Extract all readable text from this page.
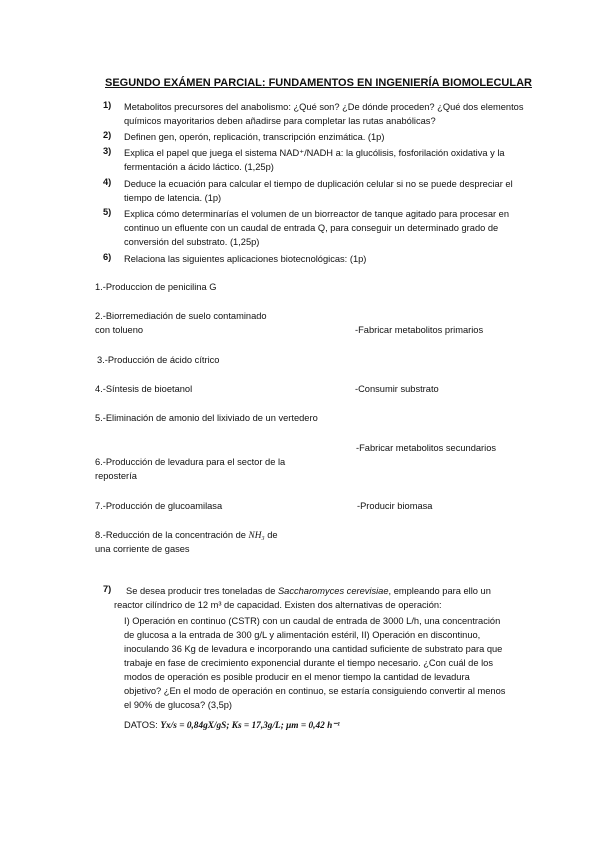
SEGUNDO EXÁMEN PARCIAL: FUNDAMENTOS EN INGENIERÍA BIOMOLECULAR
1) Metabolitos precursores del anabolismo: ¿Qué son? ¿De dónde proceden? ¿Qué dos elementos químicos mayoritarios deben añadirse para completar las rutas anabólicas?
2) Definen gen, operón, replicación, transcripción enzimática. (1p)
3) Explica el papel que juega el sistema NAD⁺/NADH a: la glucólisis, fosforilación oxidativa y la fermentación a ácido láctico. (1,25p)
4) Deduce la ecuación para calcular el tiempo de duplicación celular si no se puede despreciar el tiempo de latencia. (1p)
5) Explica cómo determinarías el volumen de un biorreactor de tanque agitado para procesar en continuo un efluente con un caudal de entrada Q, para conseguir un determinado grado de conversión del substrato. (1,25p)
6) Relaciona las siguientes aplicaciones biotecnológicas: (1p)
1.-Produccion de penicilina G
2.-Biorremediación de suelo contaminado
con tolueno
3.-Producción de ácido cítrico
4.-Síntesis de bioetanol
5.-Eliminación de amonio del lixiviado de un vertedero
6.-Producción de levadura para el sector de la
repostería
7.-Producción de glucoamilasa
8.-Reducción de la concentración de NH₃ de
una corriente de gases
-Fabricar metabolitos primarios
-Consumir substrato
-Fabricar metabolitos secundarios
-Producir biomasa
7)	Se desea producir tres toneladas de Saccharomyces cerevisiae, empleando para ello un reactor cilíndrico de 12 m³ de capacidad. Existen dos alternativas de operación:
I) Operación en continuo (CSTR) con un caudal de entrada de 3000 L/h, una concentración de glucosa a la entrada de 300 g/L y alimentación estéril, II) Operación en discontinuo, inoculando 36 Kg de levadura e incorporando una cantidad suficiente de substrato para que trabaje en fase de crecimiento exponencial durante el tiempo necesario. ¿Con cuál de los modos de operación es posible producir en el menor tiempo la cantidad de levadura objetivo? ¿En el modo de operación en continuo, se estaría consiguiendo convertir al menos el 90% de glucosa? (3,5p)
DATOS: Yx/s = 0,84gX/gS; Ks = 17,3g/L; μm = 0,42 h⁻¹
